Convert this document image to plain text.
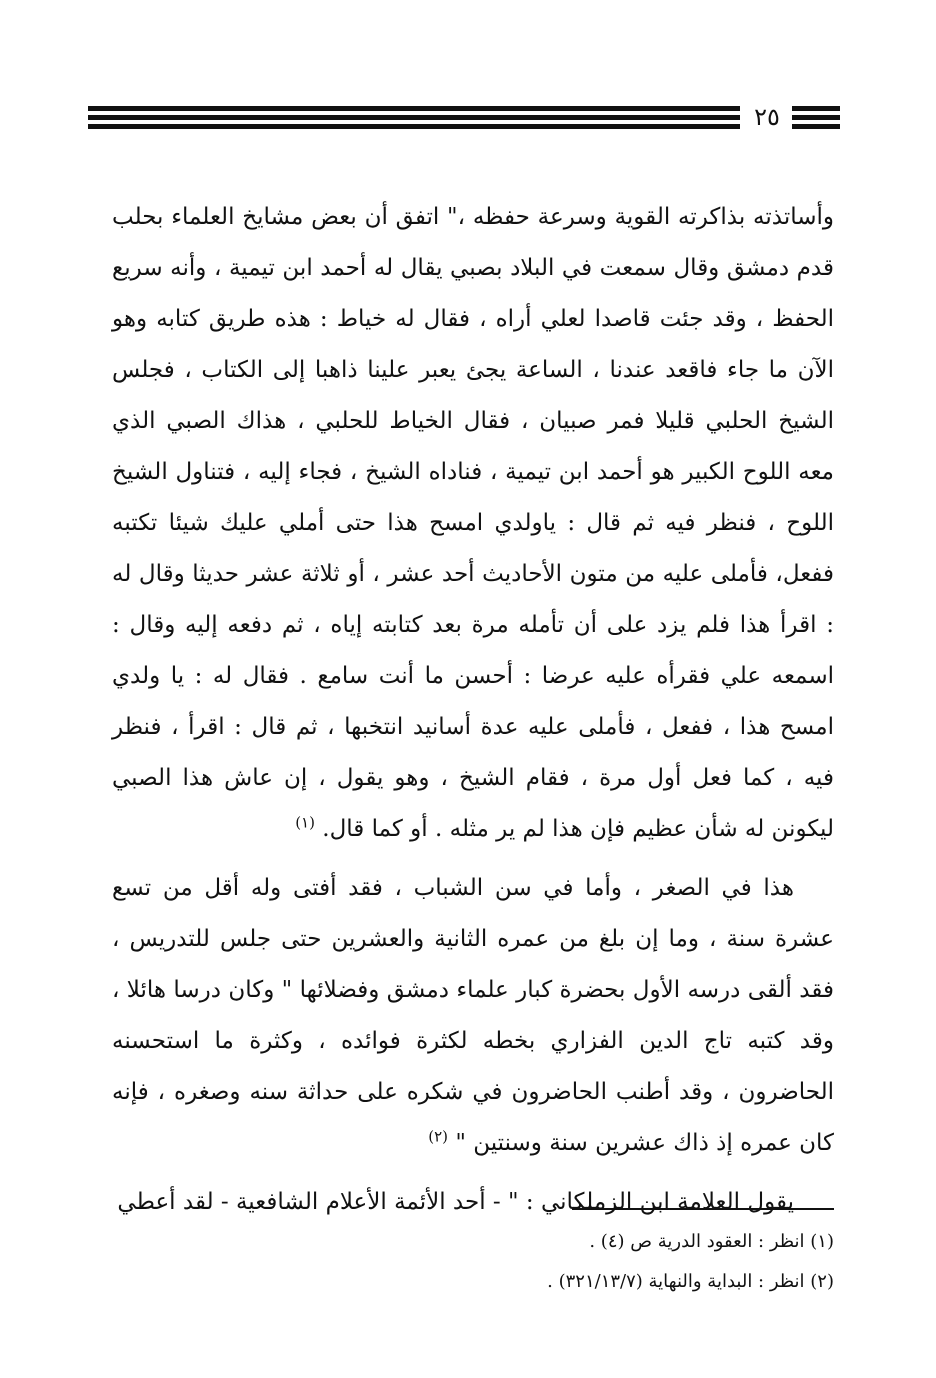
٢٥

وأساتذته بذاكرته القوية وسرعة حفظه ،" اتفق أن بعض مشايخ العلماء بحلب قدم دمشق وقال سمعت في البلاد بصبي يقال له أحمد ابن تيمية ، وأنه سريع الحفظ ، وقد جئت قاصدا لعلي أراه ، فقال له خياط : هذه طريق كتابه وهو الآن ما جاء فاقعد عندنا ، الساعة يجئ يعبر علينا ذاهبا إلى الكتاب ، فجلس الشيخ الحلبي قليلا فمر صبيان ، فقال الخياط للحلبي ، هذاك الصبي الذي معه اللوح الكبير هو أحمد ابن تيمية ، فناداه الشيخ ، فجاء إليه ، فتناول الشيخ اللوح ، فنظر فيه ثم قال : ياولدي امسح هذا حتى أملي عليك شيئا تكتبه ففعل، فأملى عليه من متون الأحاديث أحد عشر ، أو ثلاثة عشر حديثا وقال له : اقرأ هذا فلم يزد على أن تأمله مرة بعد كتابته إياه ، ثم دفعه إليه وقال : اسمعه علي فقرأه عليه عرضا : أحسن ما أنت سامع . فقال له : يا ولدي امسح هذا ، ففعل ، فأملى عليه عدة أسانيد انتخبها ، ثم قال : اقرأ ، فنظر فيه ، كما فعل أول مرة ، فقام الشيخ ، وهو يقول ، إن عاش هذا الصبي ليكونن له شأن عظيم فإن هذا لم ير مثله . أو كما قال. $^{(١)}$

هذا في الصغر ، وأما في سن الشباب ، فقد أفتى وله أقل من تسع عشرة سنة ، وما إن بلغ من عمره الثانية والعشرين حتى جلس للتدريس ، فقد ألقى درسه الأول بحضرة كبار علماء دمشق وفضلائها " وكان درسا هائلا ، وقد كتبه تاج الدين الفزاري بخطه لكثرة فوائده ، وكثرة ما استحسنه الحاضرون ، وقد أطنب الحاضرون في شكره على حداثة سنه وصغره ، فإنه كان عمره إذ ذاك عشرين سنة وسنتين " $^{(٢)}$

يقول العلامة ابن الزملكاني : " - أحد الأئمة الأعلام الشافعية - لقد أعطي

(١) انظر : العقود الدرية ص (٤) .
(٢) انظر : البداية والنهاية (٣٢١/١٣/٧) .
